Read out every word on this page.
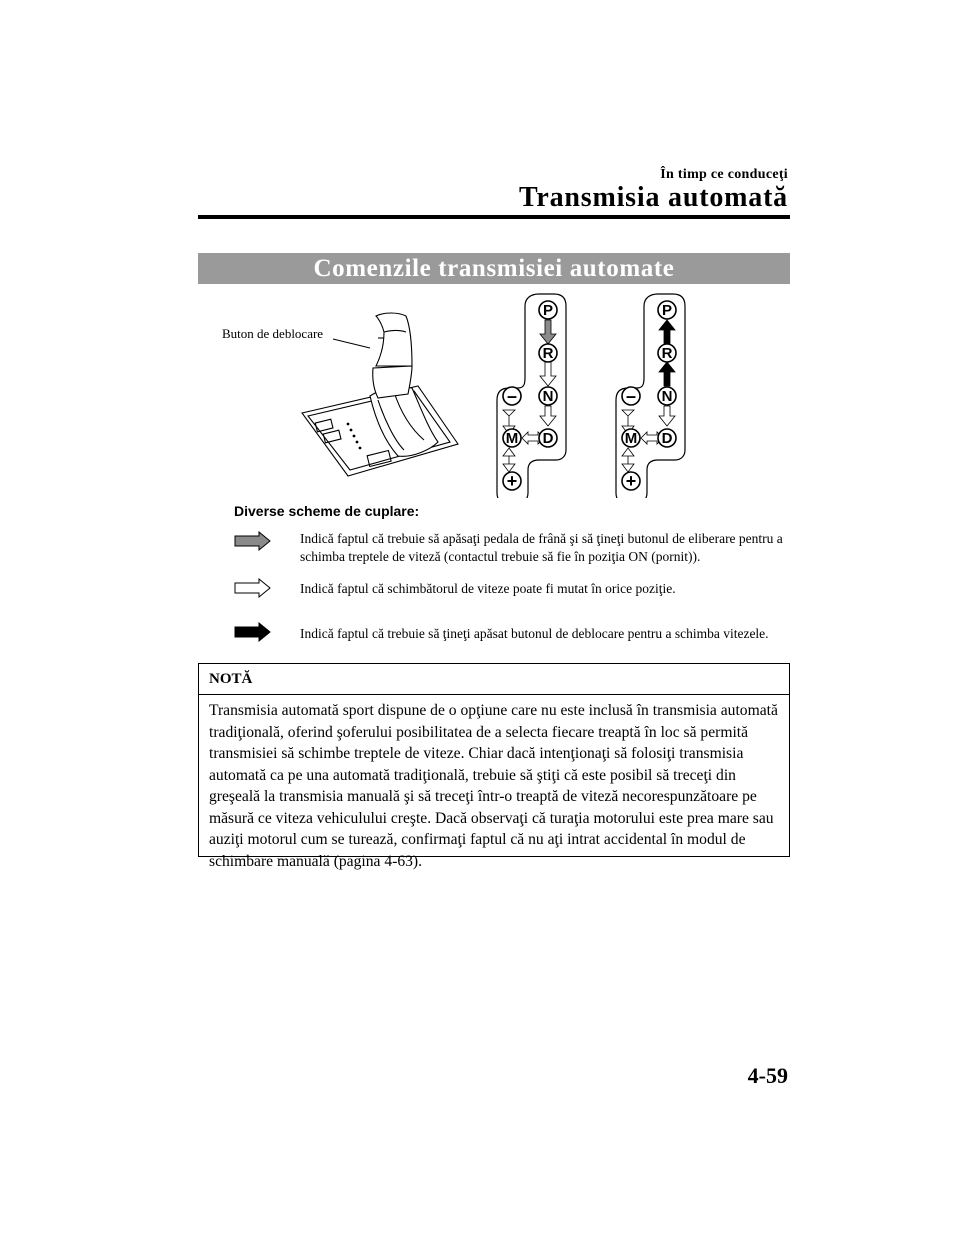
În timp ce conduceţi
Transmisia automată
Comenzile transmisiei automate
P
R
N
D
M
–
+
P
R
N
D
M
–
+
Buton de deblocare
Diverse scheme de cuplare:
Indică faptul că trebuie să apăsaţi pedala de frână şi să ţineţi butonul de eliberare pentru a schimba treptele de viteză (contactul trebuie să fie în poziţia ON (pornit)).
Indică faptul că schimbătorul de viteze poate fi mutat în orice poziţie.
Indică faptul că trebuie să ţineţi apăsat butonul de deblocare pentru a schimba vitezele.
NOTĂ
Transmisia automată sport dispune de o opţiune care nu este inclusă în transmisia automată tradiţională, oferind şoferului posibilitatea de a selecta fiecare treaptă în loc să permită transmisiei să schimbe treptele de viteze. Chiar dacă intenţionaţi să folosiţi transmisia automată ca pe una automată tradiţională, trebuie să ştiţi că este posibil să treceţi din greşeală la transmisia manuală şi să treceţi într-o treaptă de viteză necorespunzătoare pe măsură ce viteza vehiculului creşte. Dacă observaţi că turaţia motorului este prea mare sau auziţi motorul cum se turează, confirmaţi faptul că nu aţi intrat accidental în modul de schimbare manuală (pagina 4-63).
4-59
